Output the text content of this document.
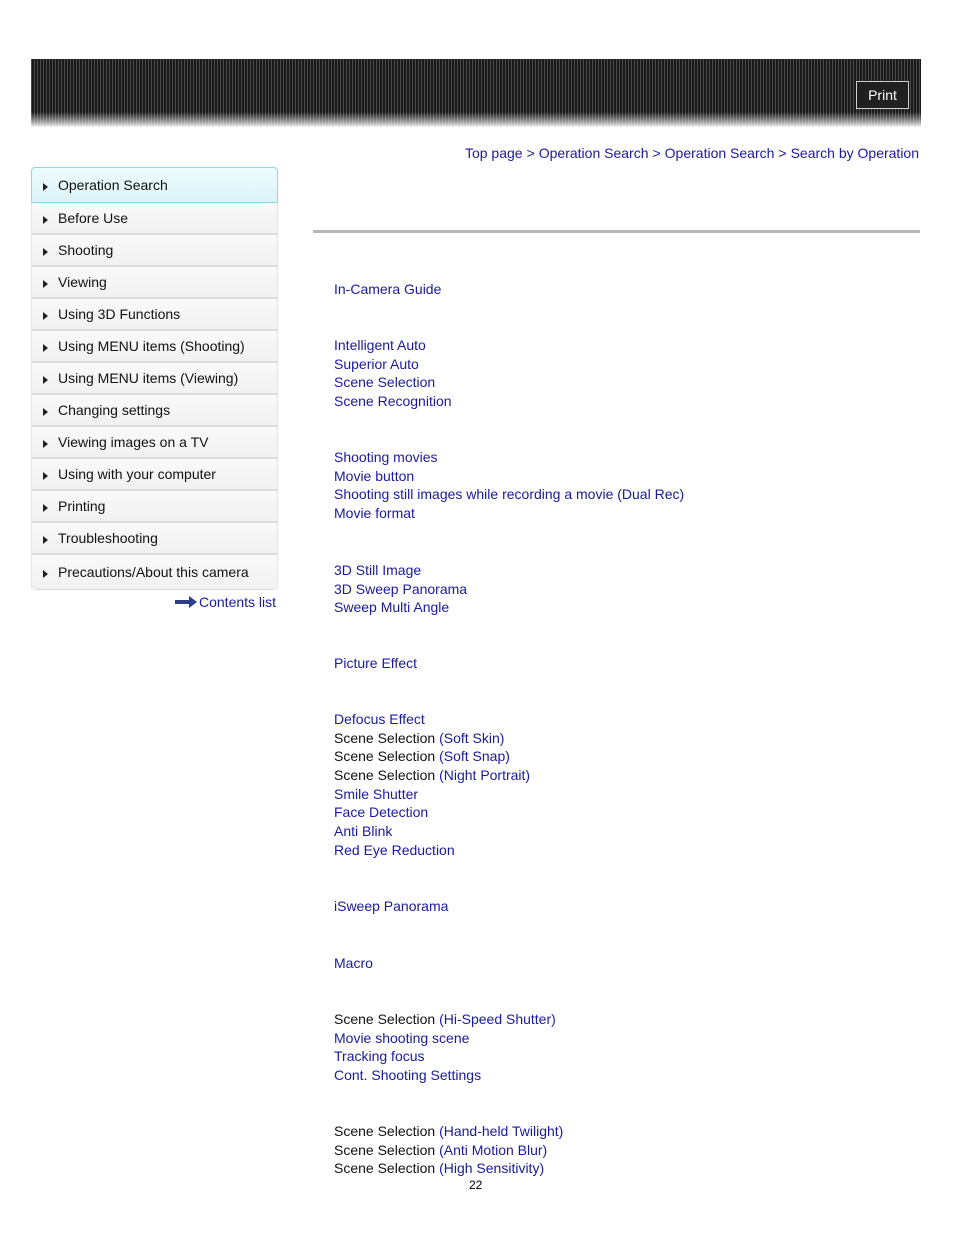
Print
Top page > Operation Search > Operation Search > Search by Operation
Operation Search
Before Use
Shooting
Viewing
Using 3D Functions
Using MENU items (Shooting)
Using MENU items (Viewing)
Changing settings
Viewing images on a TV
Using with your computer
Printing
Troubleshooting
Precautions/About this camera
Contents list
In-Camera Guide
Intelligent Auto
Superior Auto
Scene Selection
Scene Recognition
Shooting movies
Movie button
Shooting still images while recording a movie (Dual Rec)
Movie format
3D Still Image
3D Sweep Panorama
Sweep Multi Angle
Picture Effect
Defocus Effect
Scene Selection (Soft Skin)
Scene Selection (Soft Snap)
Scene Selection (Night Portrait)
Smile Shutter
Face Detection
Anti Blink
Red Eye Reduction
iSweep Panorama
Macro
Scene Selection (Hi-Speed Shutter)
Movie shooting scene
Tracking focus
Cont. Shooting Settings
Scene Selection (Hand-held Twilight)
Scene Selection (Anti Motion Blur)
Scene Selection (High Sensitivity)
22
